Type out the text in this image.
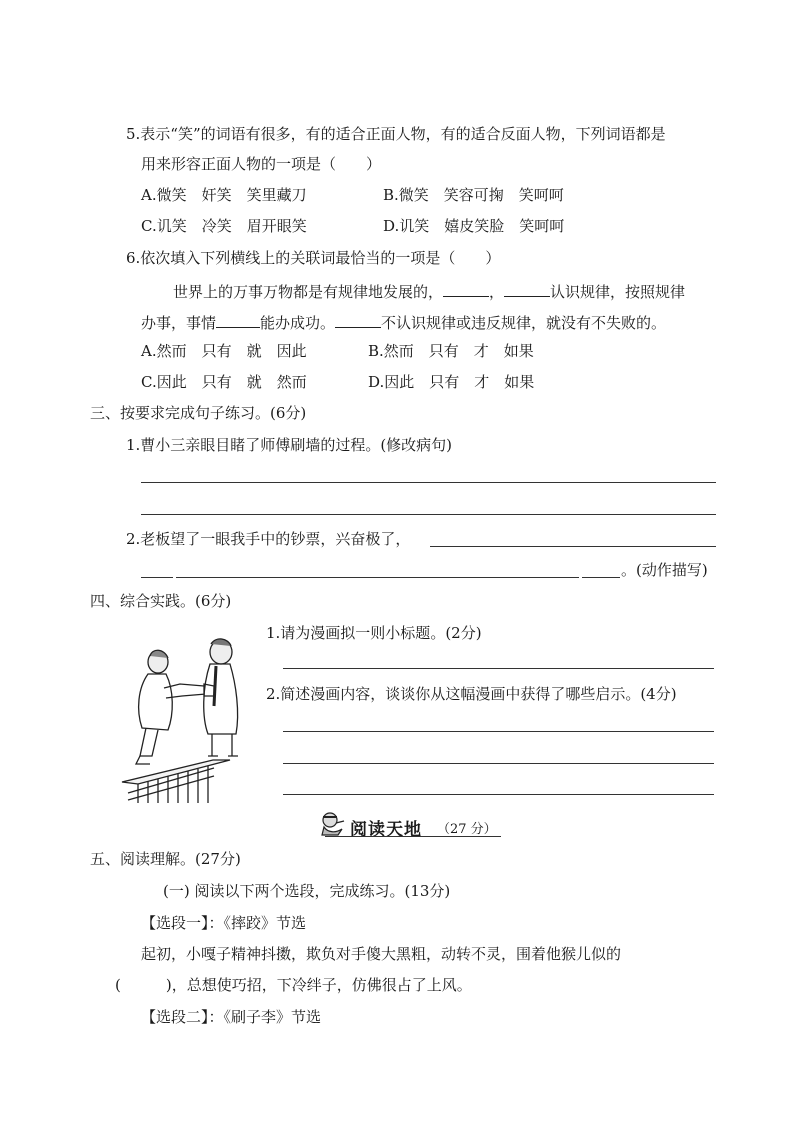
5.表示“笑”的词语有很多，有的适合正面人物，有的适合反面人物，下列词语都是
用来形容正面人物的一项是（　　）
A.微笑　奸笑　笑里藏刀	B.微笑　笑容可掬　笑呵呵
C.讥笑　冷笑　眉开眼笑	D.讥笑　嬉皮笑脸　笑呵呵
6.依次填入下列横线上的关联词最恰当的一项是（　　）
世界上的万事万物都是有规律地发展的，	，	认识规律，按照规律
办事，事情	能办成功。	不认识规律或违反规律，就没有不失败的。
A.然而　只有　就　因此	B.然而　只有　才　如果
C.因此　只有　就　然而	D.因此　只有　才　如果
三、按要求完成句子练习。(6分)
1.曹小三亲眼目睹了师傅刷墙的过程。(修改病句)
2.老板望了一眼我手中的钞票，兴奋极了，
。(动作描写)
四、综合实践。(6分)
1.请为漫画拟一则小标题。(2分)
2.简述漫画内容，谈谈你从这幅漫画中获得了哪些启示。(4分)
阅读天地 （27 分）
五、阅读理解。(27分)
(一) 阅读以下两个选段，完成练习。(13分)
【选段一】：《摔跤》节选
起初，小嘎子精神抖擞，欺负对手傻大黑粗，动转不灵，围着他猴儿似的
(　　　)，总想使巧招，下冷绊子，仿佛很占了上风。
【选段二】：《刷子李》节选
